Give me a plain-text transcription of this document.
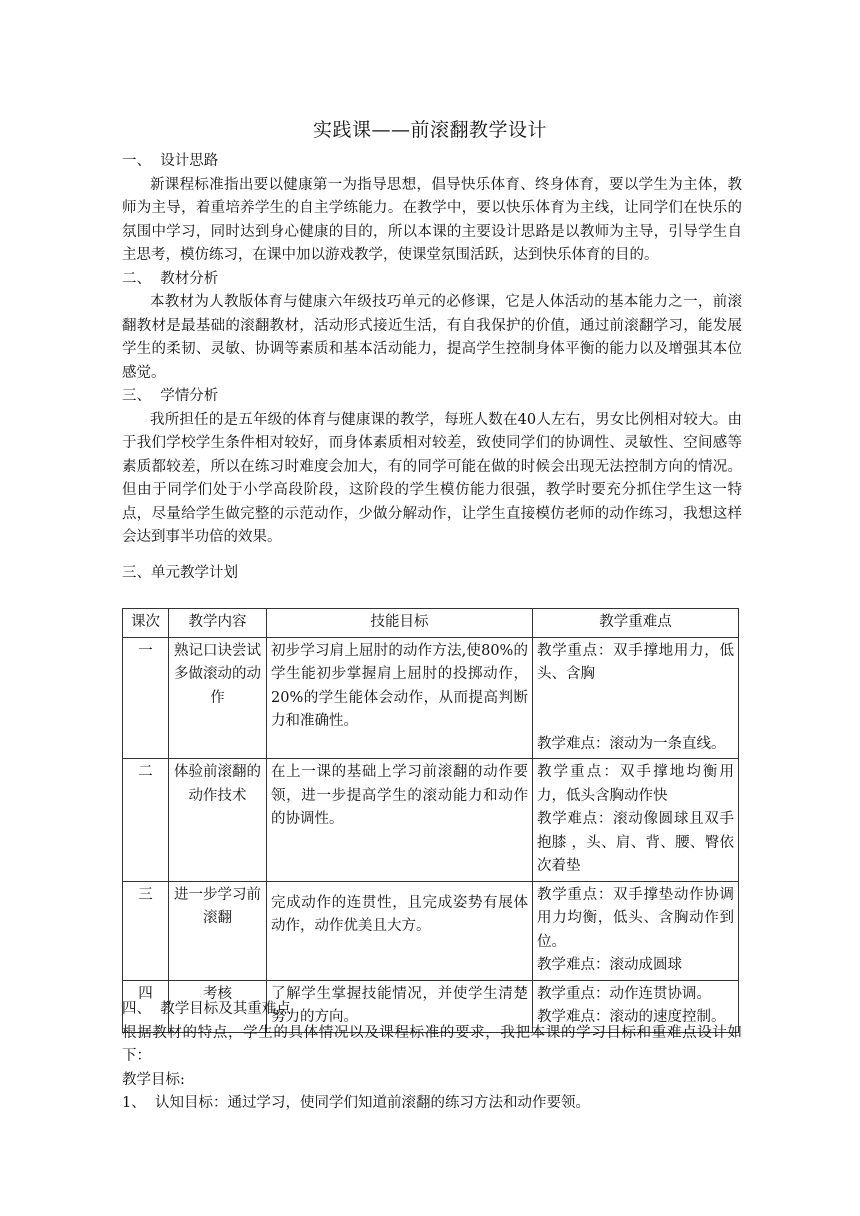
实践课——前滚翻教学设计
一、  设计思路
新课程标准指出要以健康第一为指导思想，倡导快乐体育、终身体育，要以学生为主体，教师为主导，着重培养学生的自主学练能力。在教学中，要以快乐体育为主线，让同学们在快乐的氛围中学习，同时达到身心健康的目的，所以本课的主要设计思路是以教师为主导，引导学生自主思考，模仿练习，在课中加以游戏教学，使课堂氛围活跃，达到快乐体育的目的。
二、  教材分析
本教材为人教版体育与健康六年级技巧单元的必修课，它是人体活动的基本能力之一，前滚翻教材是最基础的滚翻教材，活动形式接近生活，有自我保护的价值，通过前滚翻学习，能发展学生的柔韧、灵敏、协调等素质和基本活动能力，提高学生控制身体平衡的能力以及增强其本位感觉。
三、  学情分析
我所担任的是五年级的体育与健康课的教学，每班人数在40人左右，男女比例相对较大。由于我们学校学生条件相对较好，而身体素质相对较差，致使同学们的协调性、灵敏性、空间感等素质都较差，所以在练习时难度会加大，有的同学可能在做的时候会出现无法控制方向的情况。但由于同学们处于小学高段阶段，这阶段的学生模仿能力很强，教学时要充分抓住学生这一特点，尽量给学生做完整的示范动作，少做分解动作，让学生直接模仿老师的动作练习，我想这样会达到事半功倍的效果。
三、单元教学计划
课次	教学内容	技能目标	教学重难点
一	熟记口诀尝试多做滚动的动作	初步学习肩上屈肘的动作方法,使80%的学生能初步掌握肩上屈肘的投掷动作，20%的学生能体会动作，从而提高判断力和准确性。	教学重点：双手撑地用力，低头、含胸
教学难点：滚动为一条直线。

二	体验前滚翻的动作技术	在上一课的基础上学习前滚翻的动作要领，进一步提高学生的滚动能力和动作的协调性。	教学重点：双手撑地均衡用力，低头含胸动作快
教学难点：滚动像圆球且双手抱膝 ，头、肩、背、腰、臀依次着垫

三	进一步学习前滚翻	完成动作的连贯性，且完成姿势有展体动作，动作优美且大方。	教学重点：双手撑垫动作协调用力均衡，低头、含胸动作到位。
教学难点：滚动成圆球

四	考核	了解学生掌握技能情况，并使学生清楚努力的方向。	教学重点：动作连贯协调。
教学难点：滚动的速度控制。
四、  教学目标及其重难点
根据教材的特点，学生的具体情况以及课程标准的要求，我把本课的学习目标和重难点设计如下：
教学目标:
1、  认知目标：通过学习，使同学们知道前滚翻的练习方法和动作要领。
